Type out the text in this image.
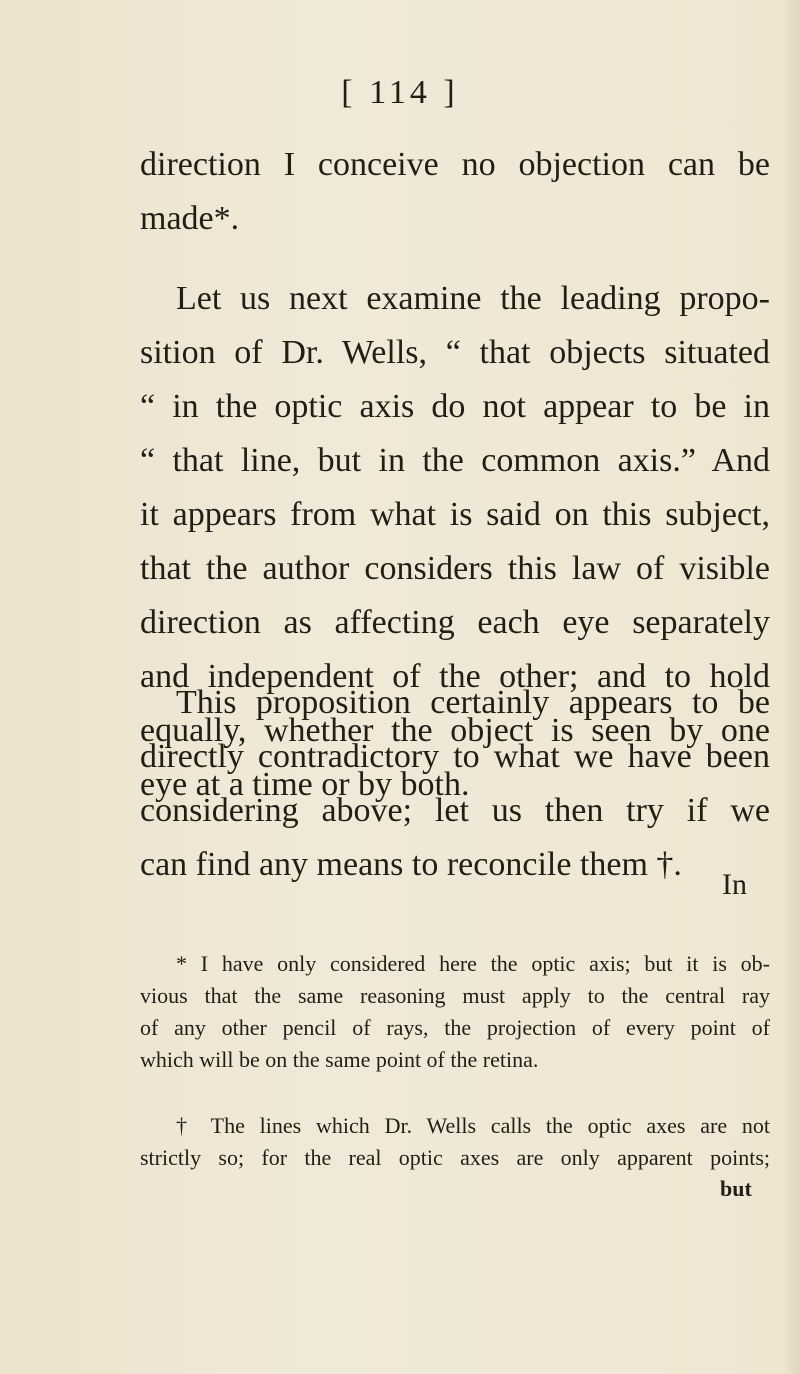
[ 114 ]
direction I conceive no objection can be
made*.
Let us next examine the leading propo-
sition of Dr. Wells, “ that objects situated
“ in the optic axis do not appear to be in
“ that line, but in the common axis.” And
it appears from what is said on this subject,
that the author considers this law of visible
direction as affecting each eye separately
and independent of the other; and to hold
equally, whether the object is seen by one
eye at a time or by both.
This proposition certainly appears to be
directly contradictory to what we have been
considering above; let us then try if we
can find any means to reconcile them †.
In
* I have only considered here the optic axis; but it is ob-
vious that the same reasoning must apply to the central ray
of any other pencil of rays, the projection of every point of
which will be on the same point of the retina.
† The lines which Dr. Wells calls the optic axes are not
strictly so; for the real optic axes are only apparent points;
but
